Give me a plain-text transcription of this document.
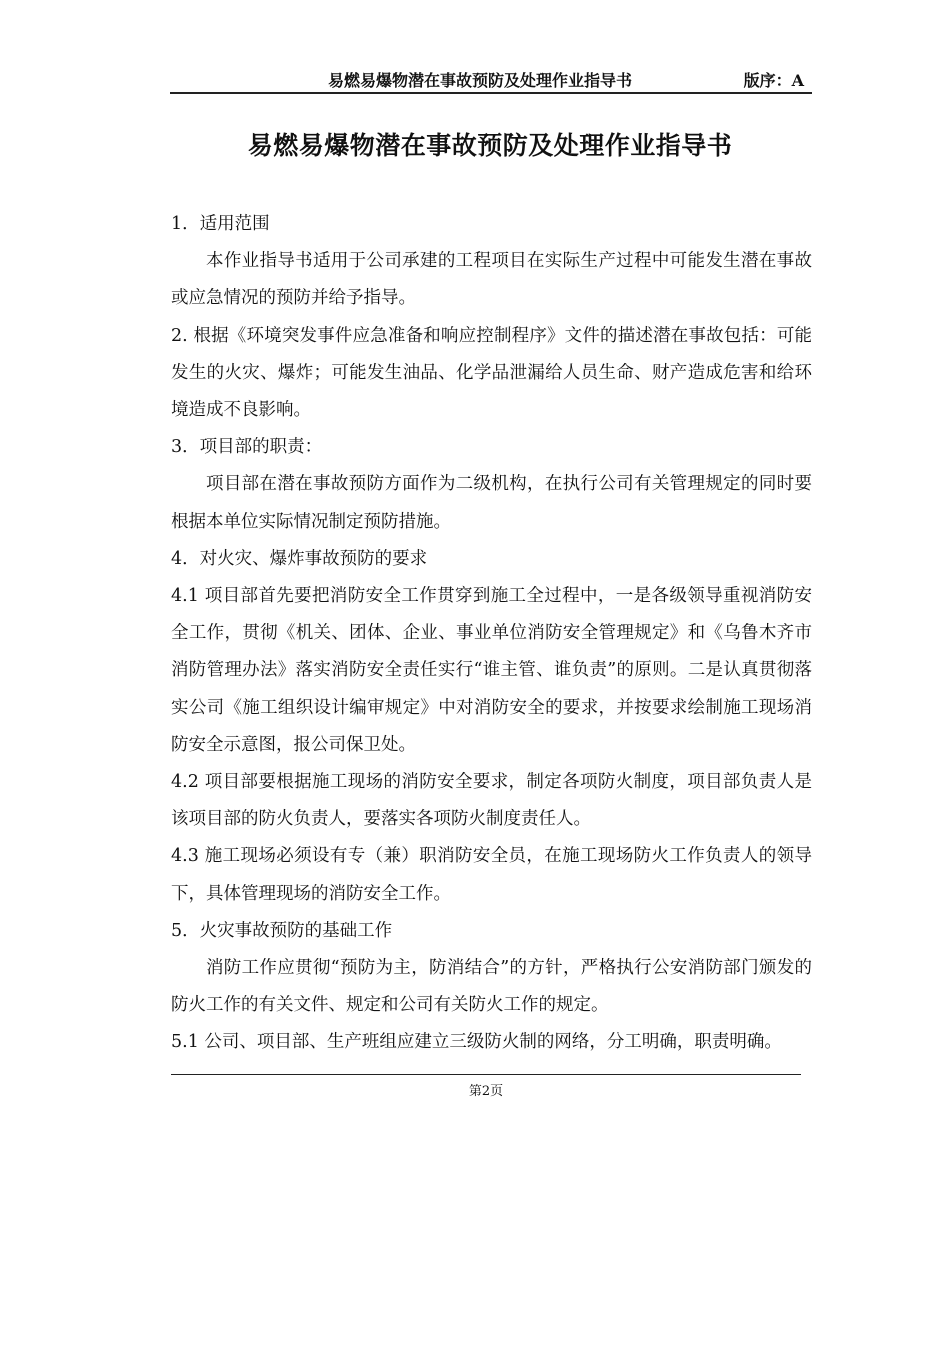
易燃易爆物潜在事故预防及处理作业指导书	版序：A
易燃易爆物潜在事故预防及处理作业指导书

1．适用范围

本作业指导书适用于公司承建的工程项目在实际生产过程中可能发生潜在事故或应急情况的预防并给予指导。

2. 根据《环境突发事件应急准备和响应控制程序》文件的描述潜在事故包括：可能发生的火灾、爆炸；可能发生油品、化学品泄漏给人员生命、财产造成危害和给环境造成不良影响。

3．项目部的职责：

项目部在潜在事故预防方面作为二级机构，在执行公司有关管理规定的同时要根据本单位实际情况制定预防措施。

4．对火灾、爆炸事故预防的要求

4.1 项目部首先要把消防安全工作贯穿到施工全过程中，一是各级领导重视消防安全工作，贯彻《机关、团体、企业、事业单位消防安全管理规定》和《乌鲁木齐市消防管理办法》落实消防安全责任实行“谁主管、谁负责”的原则。二是认真贯彻落实公司《施工组织设计编审规定》中对消防安全的要求，并按要求绘制施工现场消防安全示意图，报公司保卫处。

4.2 项目部要根据施工现场的消防安全要求，制定各项防火制度，项目部负责人是该项目部的防火负责人，要落实各项防火制度责任人。

4.3 施工现场必须设有专（兼）职消防安全员，在施工现场防火工作负责人的领导下，具体管理现场的消防安全工作。

5．火灾事故预防的基础工作

消防工作应贯彻“预防为主，防消结合”的方针，严格执行公安消防部门颁发的防火工作的有关文件、规定和公司有关防火工作的规定。

5.1 公司、项目部、生产班组应建立三级防火制的网络，分工明确，职责明确。

第2页
